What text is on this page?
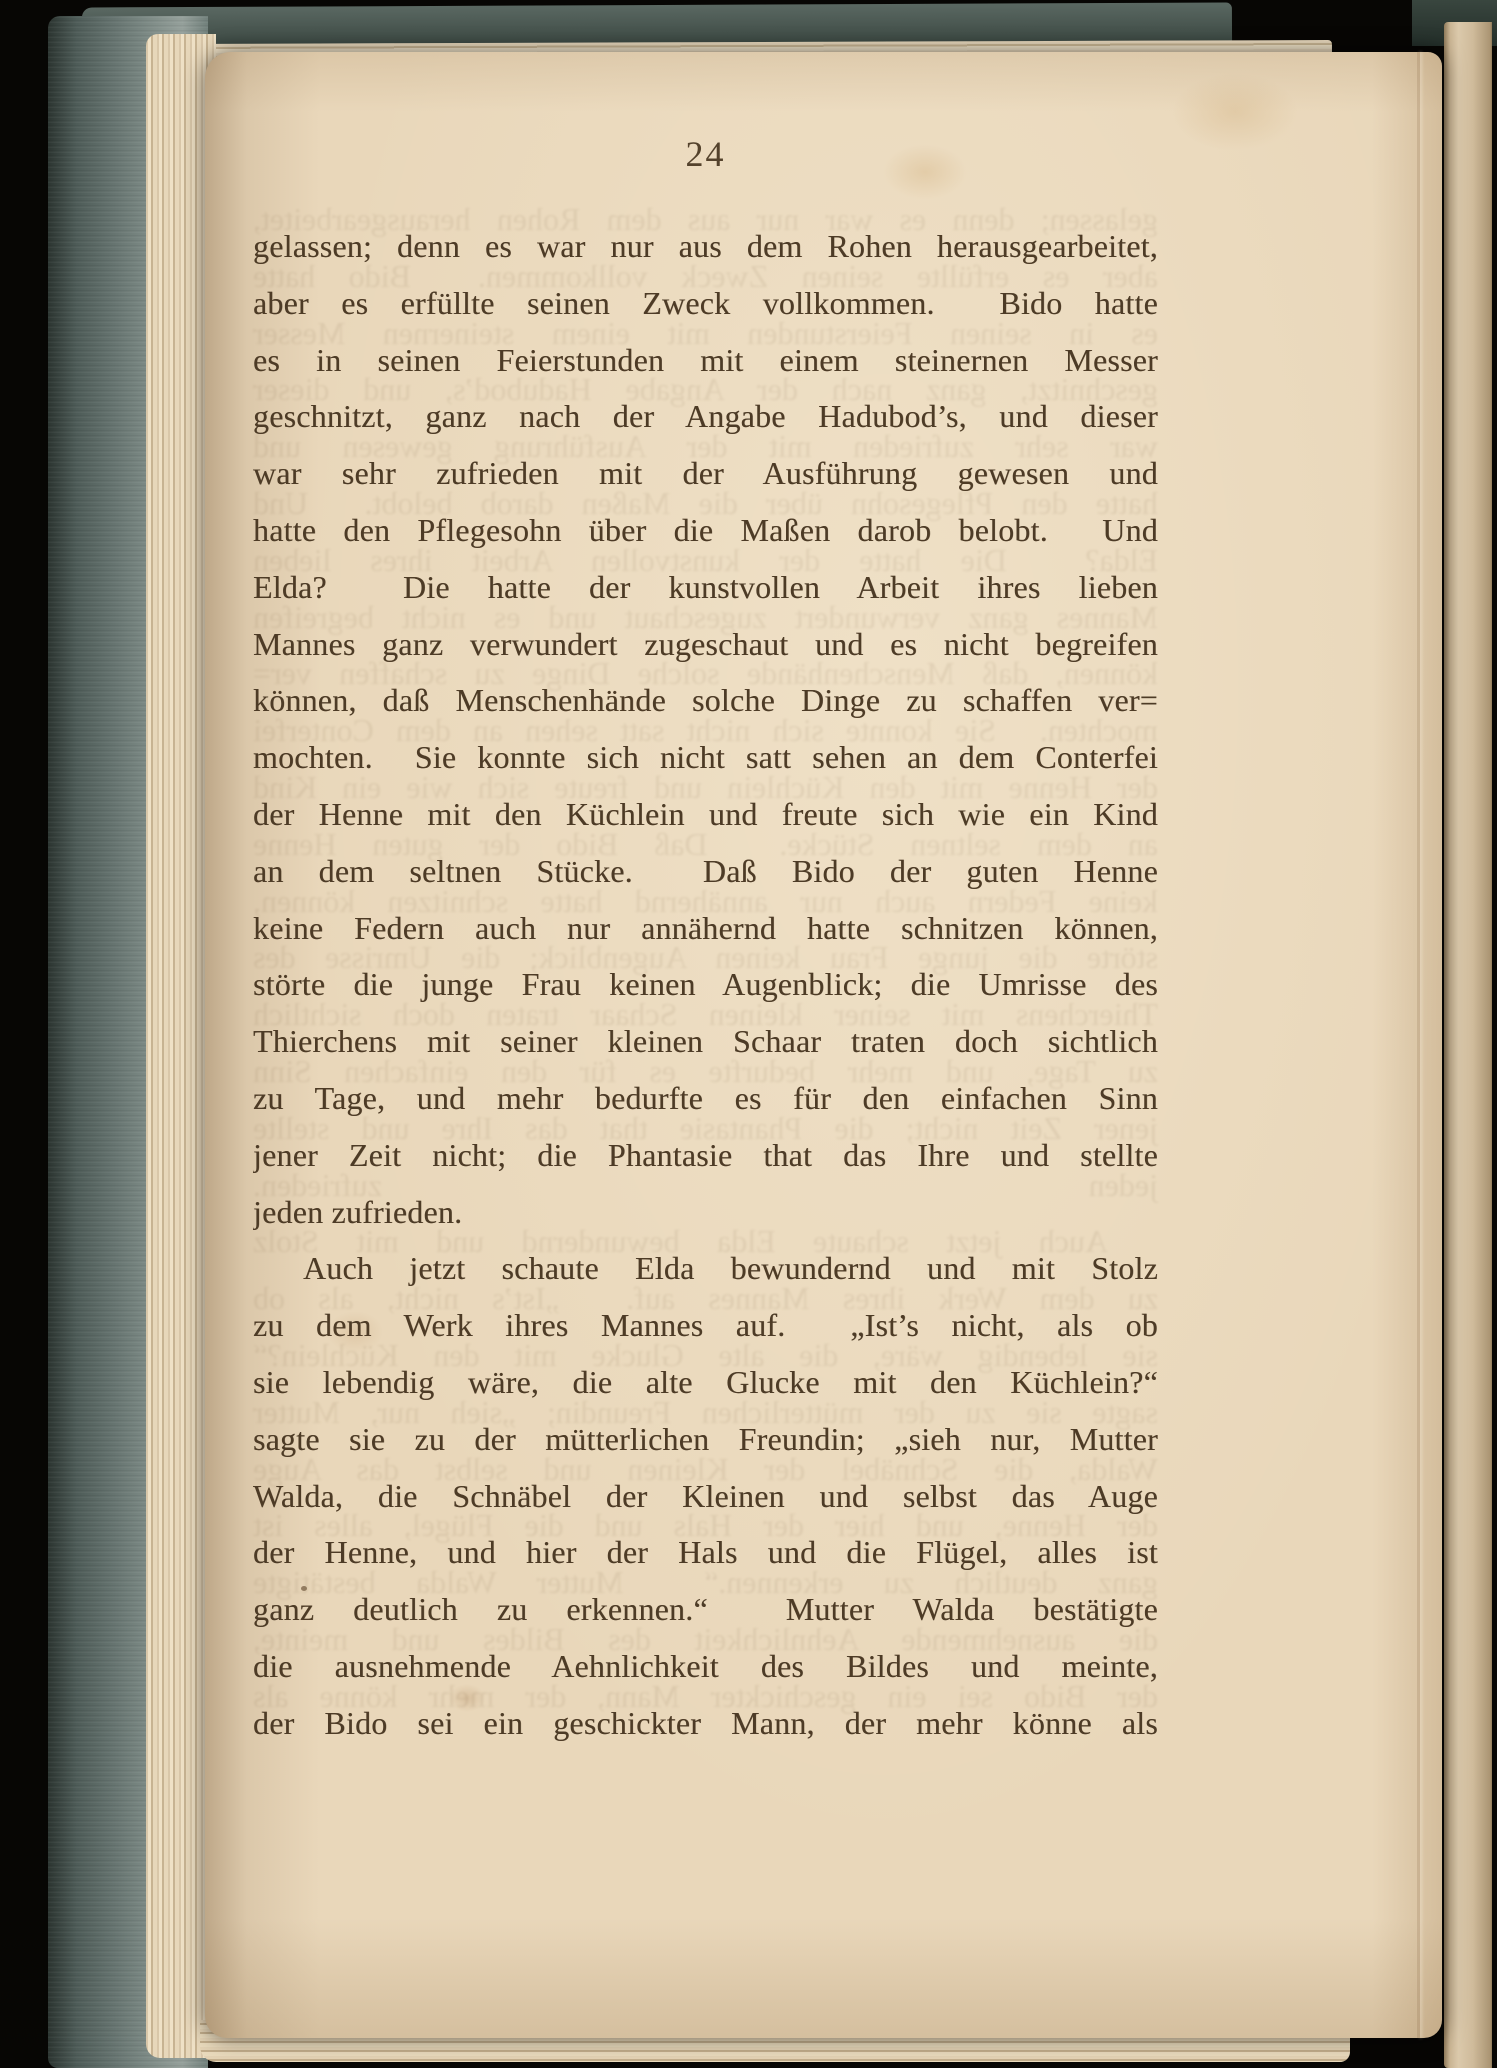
24
gelassen; denn es war nur aus dem Rohen herausgearbeitet,
aber es erfüllte seinen Zweck vollkommen.  Bido hatte
es in seinen Feierstunden mit einem steinernen Messer
geschnitzt, ganz nach der Angabe Hadubod’s, und dieser
war sehr zufrieden mit der Ausführung gewesen und
hatte den Pflegesohn über die Maßen darob belobt.  Und
Elda?  Die hatte der kunstvollen Arbeit ihres lieben
Mannes ganz verwundert zugeschaut und es nicht begreifen
können, daß Menschenhände solche Dinge zu schaffen ver=
mochten.  Sie konnte sich nicht satt sehen an dem Conterfei
der Henne mit den Küchlein und freute sich wie ein Kind
an dem seltnen Stücke.  Daß Bido der guten Henne
keine Federn auch nur annähernd hatte schnitzen können,
störte die junge Frau keinen Augenblick; die Umrisse des
Thierchens mit seiner kleinen Schaar traten doch sichtlich
zu Tage, und mehr bedurfte es für den einfachen Sinn
jener Zeit nicht; die Phantasie that das Ihre und stellte
jeden zufrieden.
Auch jetzt schaute Elda bewundernd und mit Stolz
zu dem Werk ihres Mannes auf.  „Ist’s nicht, als ob
sie lebendig wäre, die alte Glucke mit den Küchlein?“
sagte sie zu der mütterlichen Freundin; „sieh nur, Mutter
Walda, die Schnäbel der Kleinen und selbst das Auge
der Henne, und hier der Hals und die Flügel, alles ist
ganz deutlich zu erkennen.“  Mutter Walda bestätigte
die ausnehmende Aehnlichkeit des Bildes und meinte,
der Bido sei ein geschickter Mann, der mehr könne als
